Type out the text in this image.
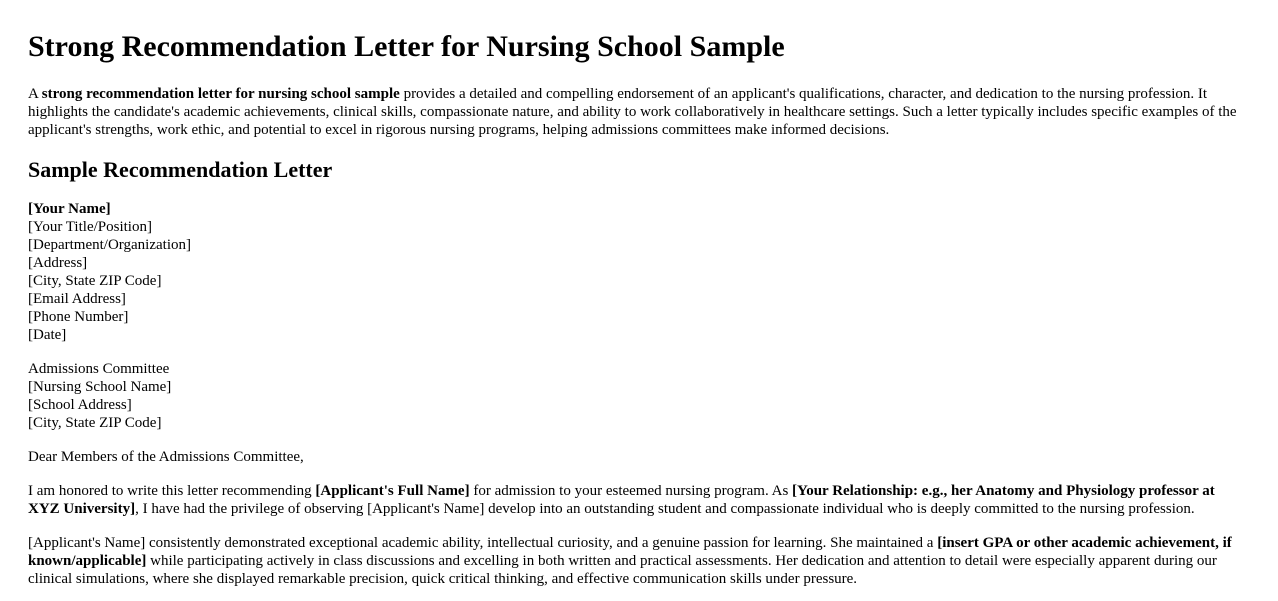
Strong Recommendation Letter for Nursing School Sample

A strong recommendation letter for nursing school sample provides a detailed and compelling endorsement of an applicant's qualifications, character, and dedication to the nursing profession. It highlights the candidate's academic achievements, clinical skills, compassionate nature, and ability to work collaboratively in healthcare settings. Such a letter typically includes specific examples of the applicant's strengths, work ethic, and potential to excel in rigorous nursing programs, helping admissions committees make informed decisions.

Sample Recommendation Letter

[Your Name]
[Your Title/Position]
[Department/Organization]
[Address]
[City, State ZIP Code]
[Email Address]
[Phone Number]
[Date]

Admissions Committee
[Nursing School Name]
[School Address]
[City, State ZIP Code]

Dear Members of the Admissions Committee,

I am honored to write this letter recommending [Applicant's Full Name] for admission to your esteemed nursing program. As [Your Relationship: e.g., her Anatomy and Physiology professor at XYZ University], I have had the privilege of observing [Applicant's Name] develop into an outstanding student and compassionate individual who is deeply committed to the nursing profession.

[Applicant's Name] consistently demonstrated exceptional academic ability, intellectual curiosity, and a genuine passion for learning. She maintained a [insert GPA or other academic achievement, if known/applicable] while participating actively in class discussions and excelling in both written and practical assessments. Her dedication and attention to detail were especially apparent during our clinical simulations, where she displayed remarkable precision, quick critical thinking, and effective communication skills under pressure.
